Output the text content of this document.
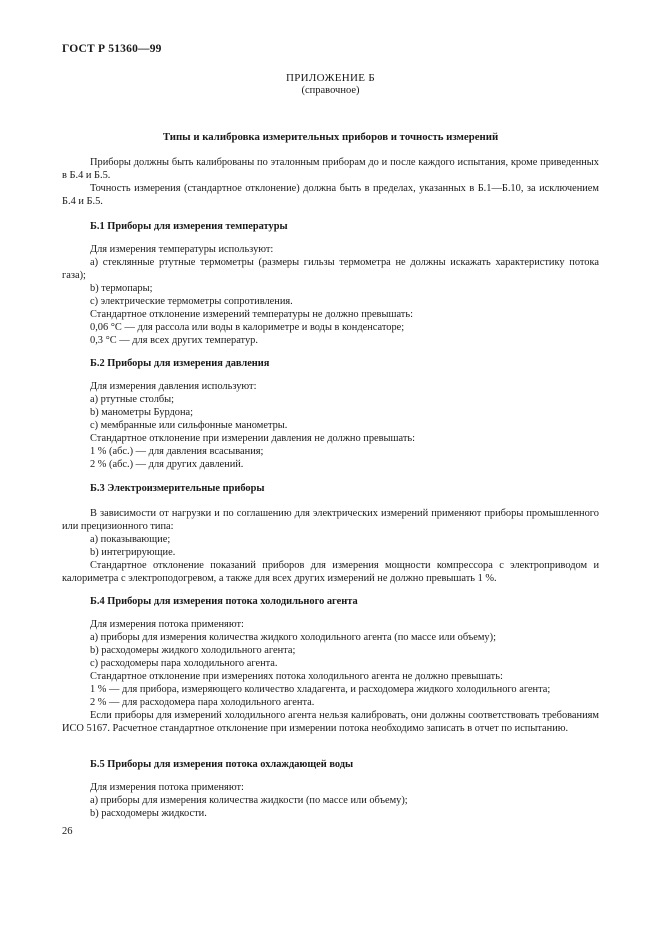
ГОСТ Р 51360—99
ПРИЛОЖЕНИЕ Б
(справочное)
Типы и калибровка измерительных приборов и точность измерений

Приборы должны быть калиброваны по эталонным приборам до и после каждого испытания, кроме приведенных в Б.4 и Б.5.

Точность измерения (стандартное отклонение) должна быть в пределах, указанных в Б.1—Б.10, за исключением Б.4 и Б.5.

Б.1 Приборы для измерения температуры

Для измерения температуры используют:

а) стеклянные ртутные термометры (размеры гильзы термометра не должны искажать характеристику потока газа);

b) термопары;

c) электрические термометры сопротивления.

Стандартное отклонение измерений температуры не должно превышать:

0,06 °С — для рассола или воды в калориметре и воды в конденсаторе;

0,3 °С — для всех других температур.

Б.2 Приборы для измерения давления

Для измерения давления используют:

а) ртутные столбы;

b) манометры Бурдона;

c) мембранные или сильфонные манометры.

Стандартное отклонение при измерении давления не должно превышать:

1 % (абс.) — для давления всасывания;

2 % (абс.) — для других давлений.

Б.3 Электроизмерительные приборы

В зависимости от нагрузки и по соглашению для электрических измерений применяют приборы промышленного или прецизионного типа:

а) показывающие;

b) интегрирующие.

Стандартное отклонение показаний приборов для измерения мощности компрессора с электроприводом и калориметра с электроподогревом, а также для всех других измерений не должно превышать 1 %.

Б.4 Приборы для измерения потока холодильного агента

Для измерения потока применяют:

а) приборы для измерения количества жидкого холодильного агента (по массе или объему);

b) расходомеры жидкого холодильного агента;

c) расходомеры пара холодильного агента.

Стандартное отклонение при измерениях потока холодильного агента не должно превышать:

1 % — для прибора, измеряющего количество хладагента, и расходомера жидкого холодильного агента;

2 % — для расходомера пара холодильного агента.

Если приборы для измерений холодильного агента нельзя калибровать, они должны соответствовать требованиям ИСО 5167. Расчетное стандартное отклонение при измерении потока необходимо записать в отчет по испытанию.

Б.5 Приборы для измерения потока охлаждающей воды

Для измерения потока применяют:

а) приборы для измерения количества жидкости (по массе или объему);

b) расходомеры жидкости.

26
